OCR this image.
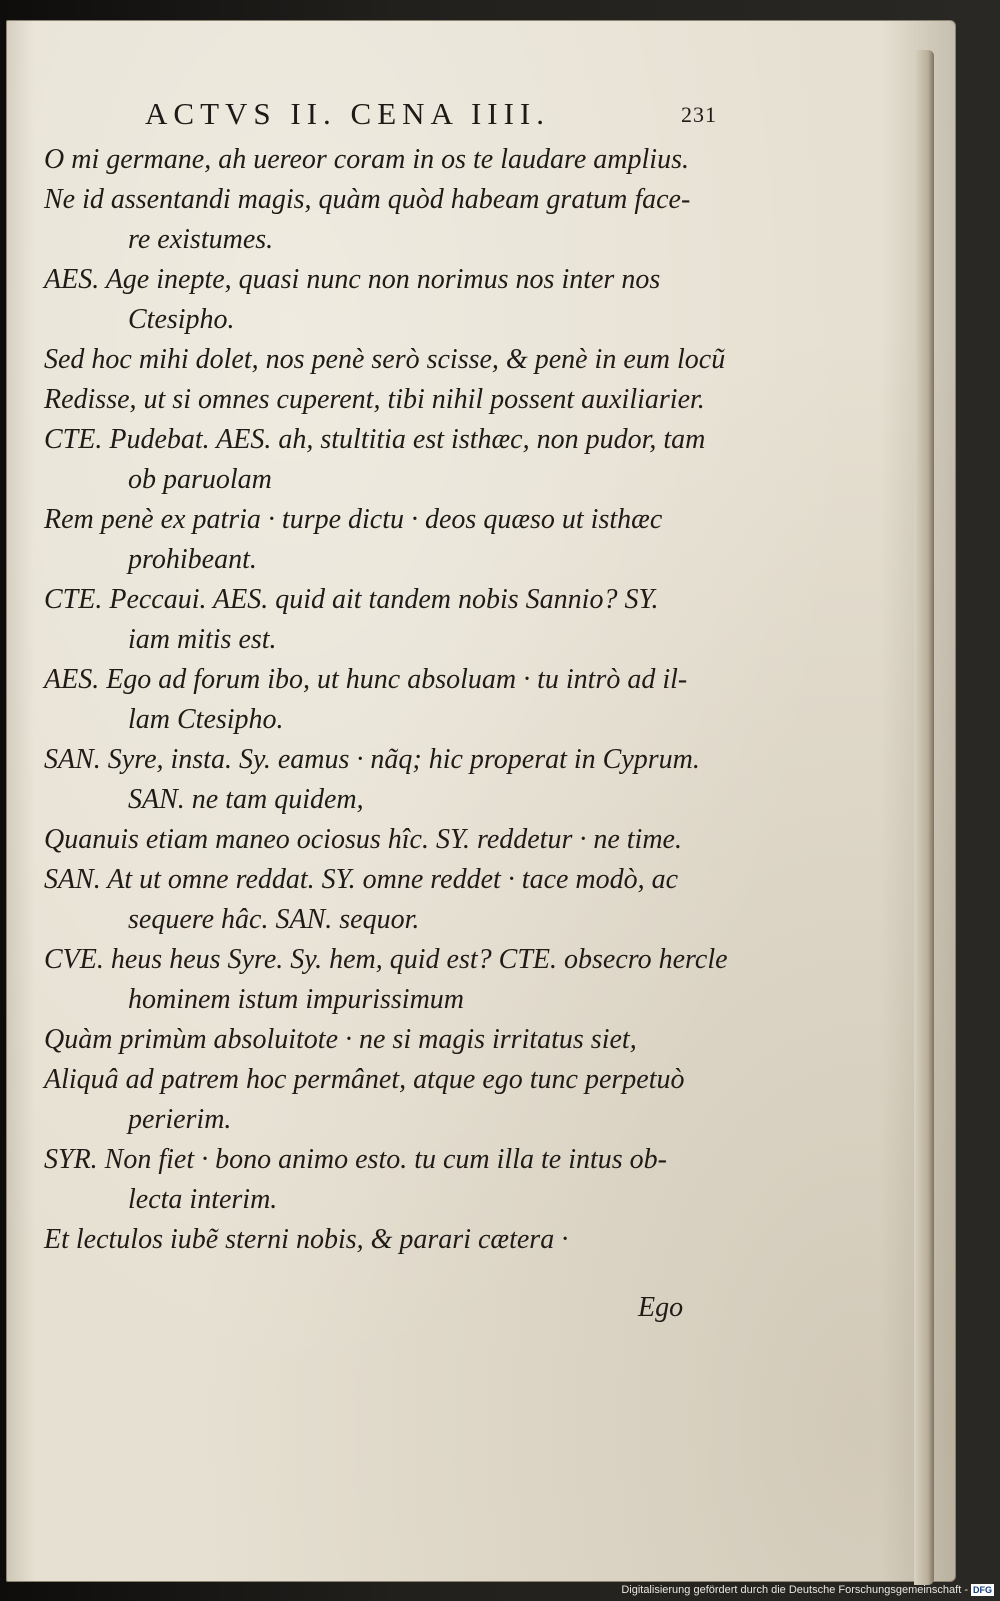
ACTVS II. CENA IIII.	231
O mi germane, ah uereor coram in os te laudare amplius.
Ne id assentandi magis, quàm quòd habeam gratum face-
re existumes.
AES. Age inepte, quasi nunc non norimus nos inter nos
Ctesipho.
Sed hoc mihi dolet, nos penè serò scisse, & penè in eum locũ
Redisse, ut si omnes cuperent, tibi nihil possent auxiliarier.
CTE. Pudebat. AES. ah, stultitia est isthæc, non pudor, tam
ob paruolam
Rem penè ex patria · turpe dictu · deos quæso ut isthæc
prohibeant.
CTE. Peccaui. AES. quid ait tandem nobis Sannio? SY.
iam mitis est.
AES. Ego ad forum ibo, ut hunc absoluam · tu intrò ad il-
lam Ctesipho.
SAN. Syre, insta. Sy. eamus · nãq; hic properat in Cyprum.
SAN. ne tam quidem,
Quanuis etiam maneo ociosus hîc. SY. reddetur · ne time.
SAN. At ut omne reddat. SY. omne reddet · tace modò, ac
sequere hâc. SAN. sequor.
CVE. heus heus Syre. Sy. hem, quid est? CTE. obsecro hercle
hominem istum impurissimum
Quàm primùm absoluitote · ne si magis irritatus siet,
Aliquâ ad patrem hoc permânet, atque ego tunc perpetuò
perierim.
SYR. Non fiet · bono animo esto. tu cum illa te intus ob-
lecta interim.
Et lectulos iubẽ sterni nobis, & parari cætera ·
Ego
Digitalisierung gefördert durch die Deutsche Forschungsgemeinschaft - DFG
